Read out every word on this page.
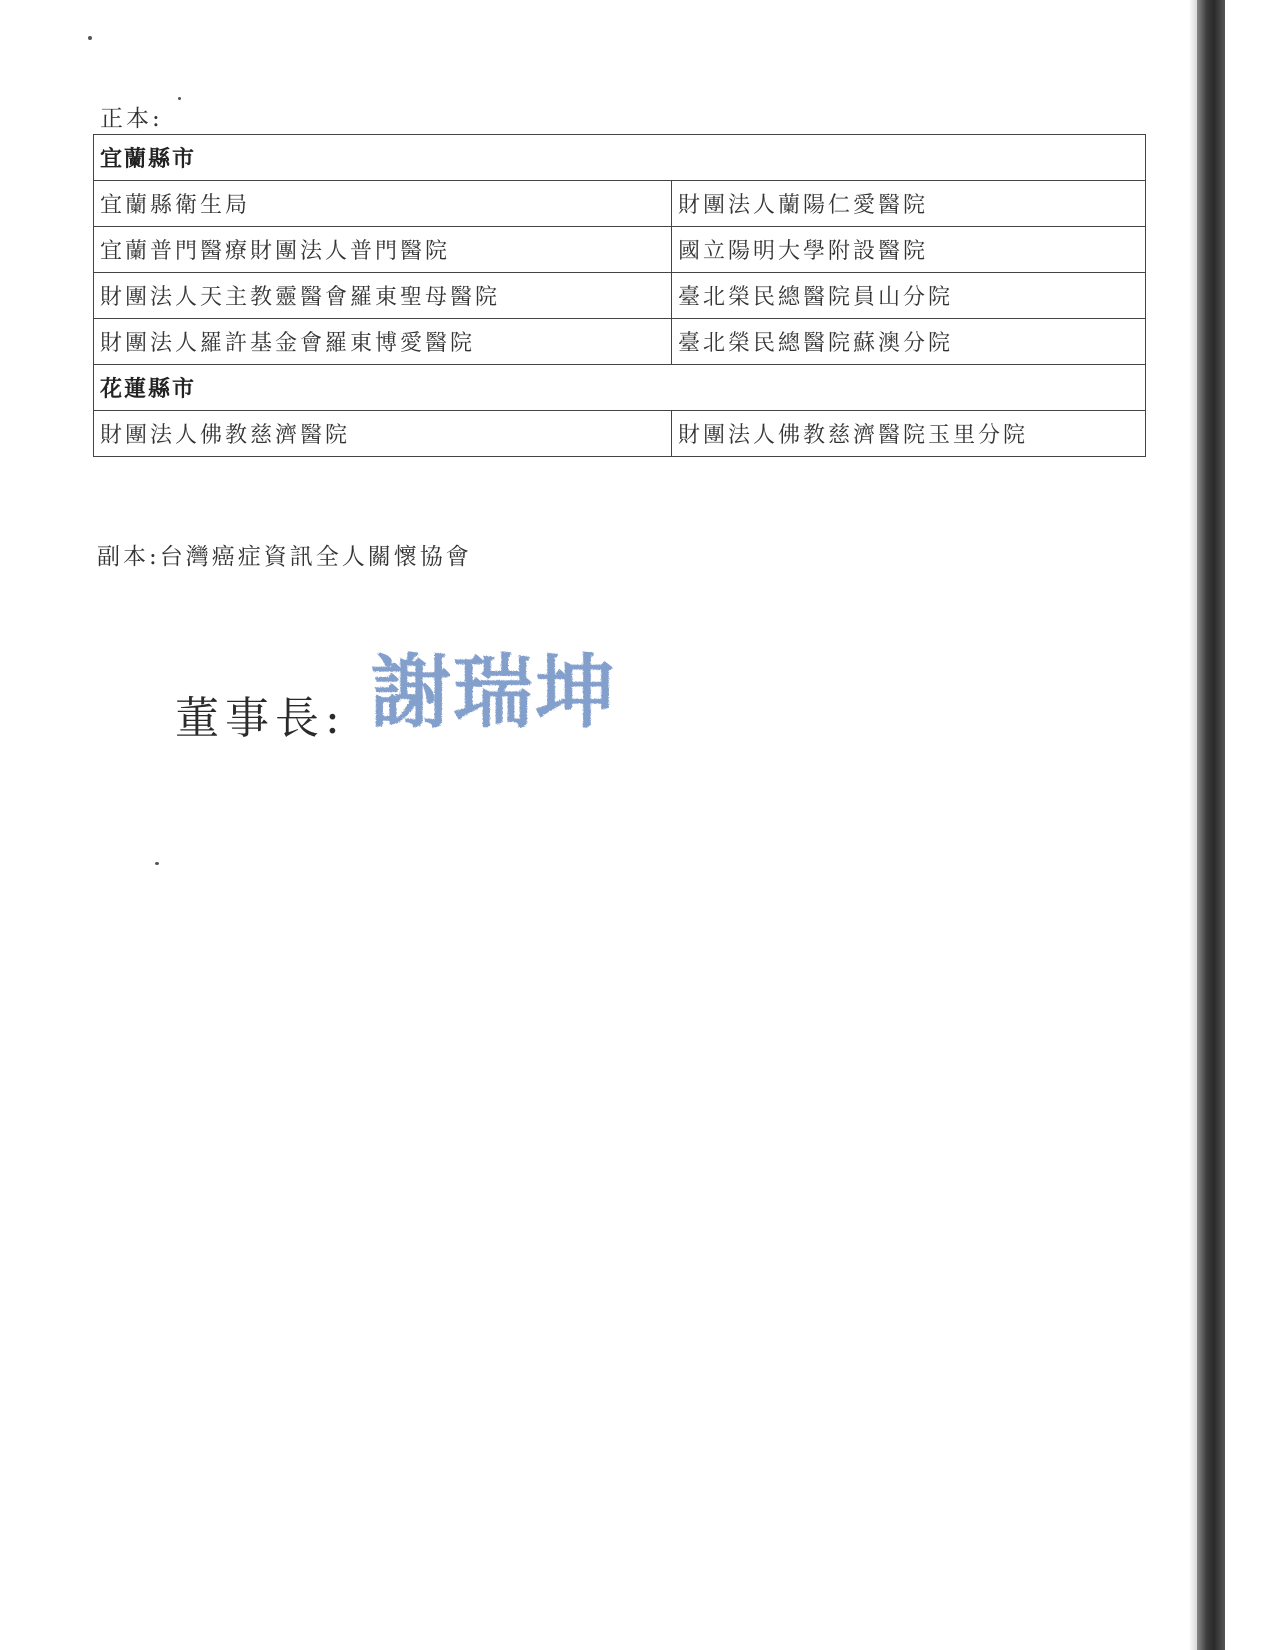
正本:
宜蘭縣市	
宜蘭縣衛生局	財團法人蘭陽仁愛醫院
宜蘭普門醫療財團法人普門醫院	國立陽明大學附設醫院
財團法人天主教靈醫會羅東聖母醫院	臺北榮民總醫院員山分院
財團法人羅許基金會羅東博愛醫院	臺北榮民總醫院蘇澳分院
花蓮縣市	
財團法人佛教慈濟醫院	財團法人佛教慈濟醫院玉里分院
副本:台灣癌症資訊全人關懷協會
董事長: 謝瑞坤
